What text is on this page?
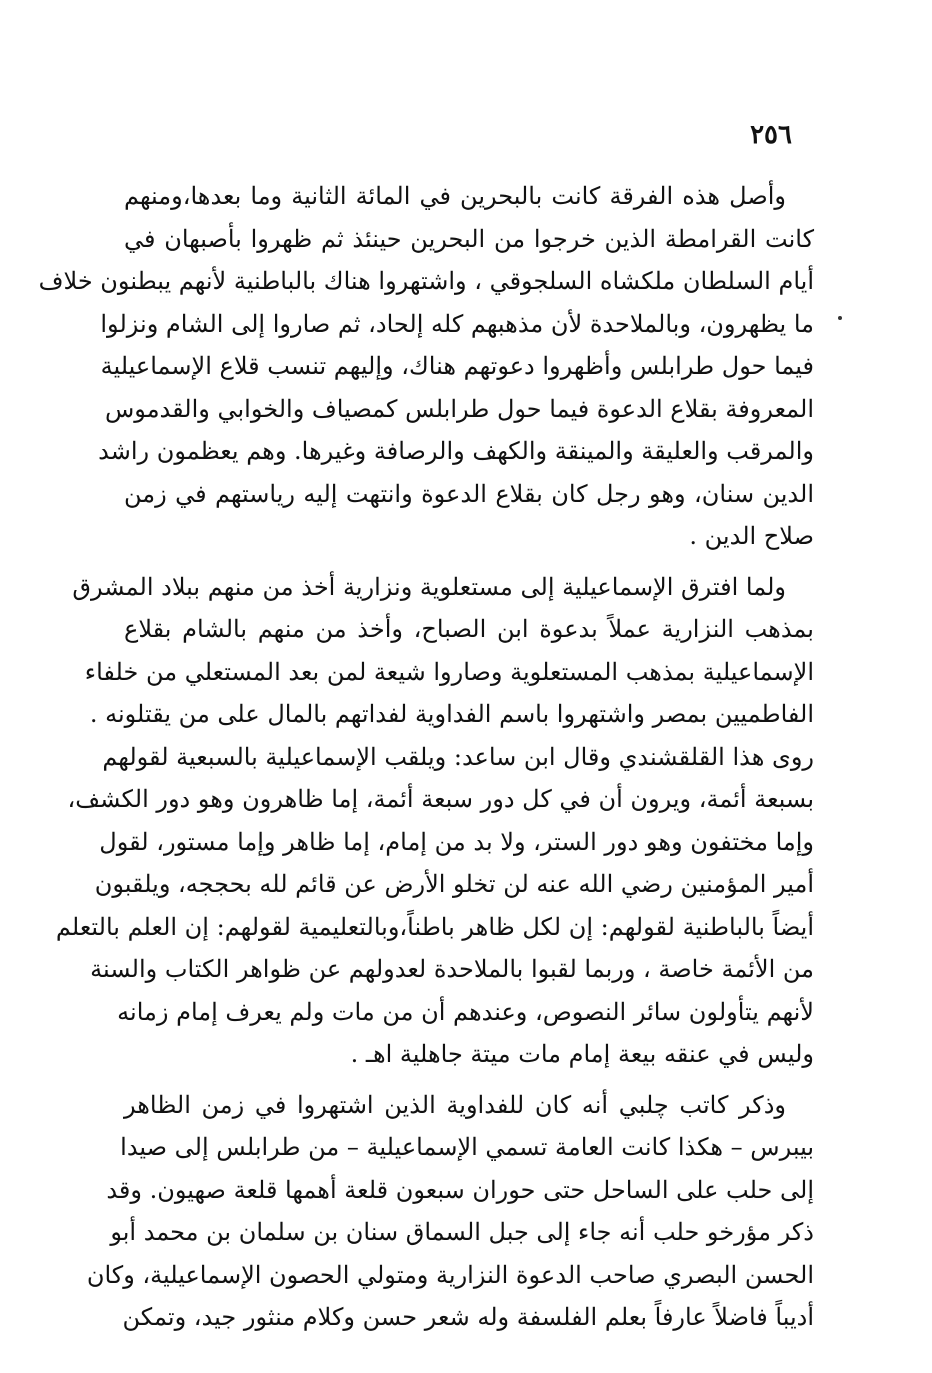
٢٥٦
وأصل هذه الفرقة كانت بالبحرين في المائة الثانية وما بعدها،ومنهم
كانت القرامطة الذين خرجوا من البحرين حينئذ ثم ظهروا بأصبهان في
أيام السلطان ملكشاه السلجوقي ، واشتهروا هناك بالباطنية لأنهم يبطنون خلاف
ما يظهرون، وبالملاحدة لأن مذهبهم كله إلحاد، ثم صاروا إلى الشام ونزلوا
فيما حول طرابلس وأظهروا دعوتهم هناك، وإليهم تنسب قلاع الإسماعيلية
المعروفة بقلاع الدعوة فيما حول طرابلس كمصياف والخوابي والقدموس
والمرقب والعليقة والمينقة والكهف والرصافة وغيرها. وهم يعظمون راشد
الدين سنان، وهو رجل كان بقلاع الدعوة وانتهت إليه رياستهم في زمن
صلاح الدين .
ولما افترق الإسماعيلية إلى مستعلوية ونزارية أخذ من منهم ببلاد المشرق
بمذهب النزارية عملاً بدعوة ابن الصباح، وأخذ من منهم بالشام بقلاع
الإسماعيلية بمذهب المستعلوية وصاروا شيعة لمن بعد المستعلي من خلفاء
الفاطميين بمصر واشتهروا باسم الفداوية لفداتهم بالمال على من يقتلونه .
روى هذا القلقشندي وقال ابن ساعد: ويلقب الإسماعيلية بالسبعية لقولهم
بسبعة أئمة، ويرون أن في كل دور سبعة أئمة، إما ظاهرون وهو دور الكشف،
وإما مختفون وهو دور الستر، ولا بد من إمام، إما ظاهر وإما مستور، لقول
أمير المؤمنين رضي الله عنه لن تخلو الأرض عن قائم لله بحججه، ويلقبون
أيضاً بالباطنية لقولهم: إن لكل ظاهر باطناً،وبالتعليمية لقولهم: إن العلم بالتعلم
من الأئمة خاصة ، وربما لقبوا بالملاحدة لعدولهم عن ظواهر الكتاب والسنة
لأنهم يتأولون سائر النصوص، وعندهم أن من مات ولم يعرف إمام زمانه
وليس في عنقه بيعة إمام مات ميتة جاهلية اهـ .
وذكر كاتب چلبي أنه كان للفداوية الذين اشتهروا في زمن الظاهر
بيبرس – هكذا كانت العامة تسمي الإسماعيلية – من طرابلس إلى صيدا
إلى حلب على الساحل حتى حوران سبعون قلعة أهمها قلعة صهيون. وقد
ذكر مؤرخو حلب أنه جاء إلى جبل السماق سنان بن سلمان بن محمد أبو
الحسن البصري صاحب الدعوة النزارية ومتولي الحصون الإسماعيلية، وكان
أديباً فاضلاً عارفاً بعلم الفلسفة وله شعر حسن وكلام منثور جيد، وتمكن
